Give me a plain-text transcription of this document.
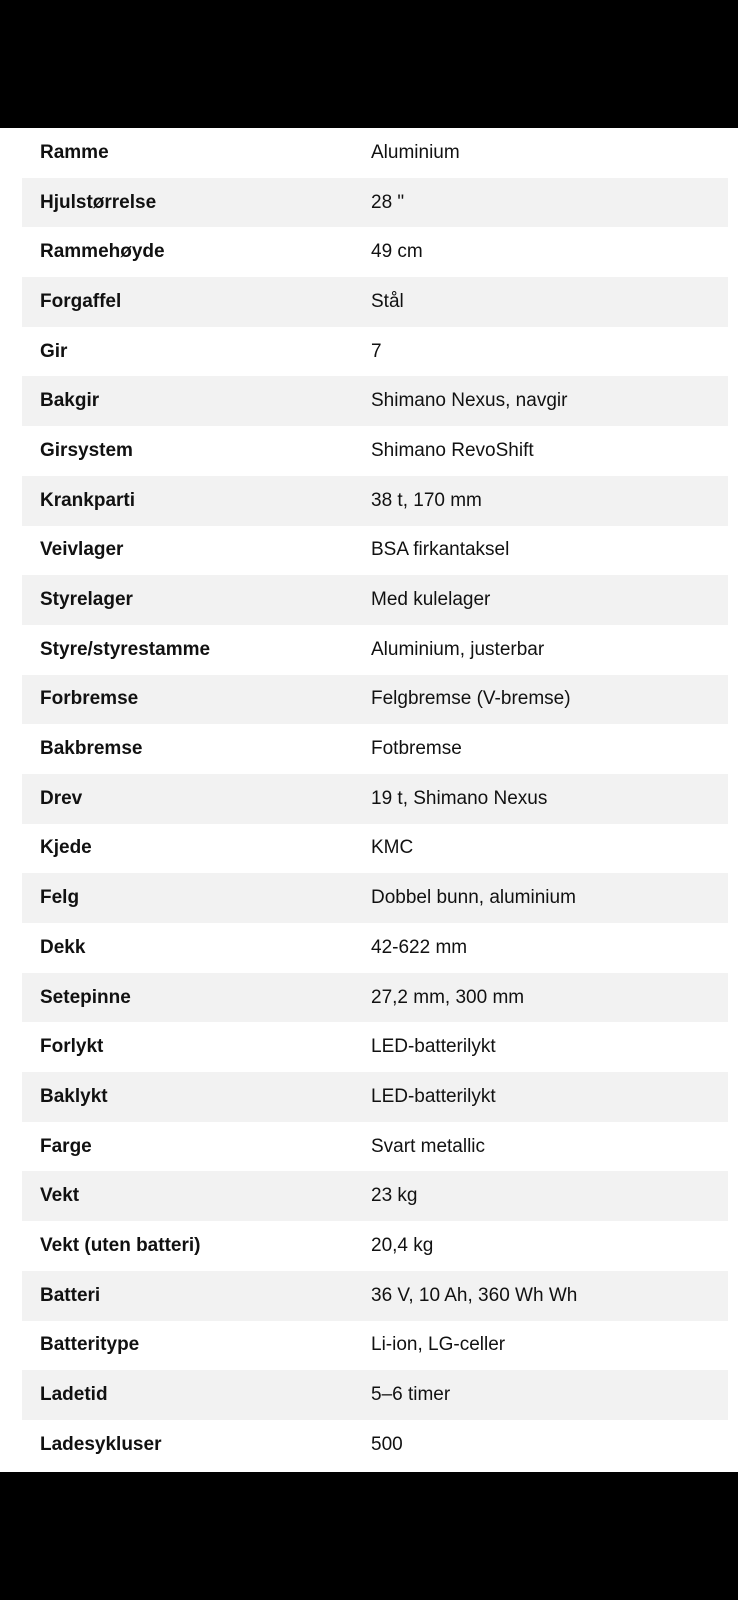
Ramme	Aluminium
Hjulstørrelse	28 "
Rammehøyde	49 cm
Forgaffel	Stål
Gir	7
Bakgir	Shimano Nexus, navgir
Girsystem	Shimano RevoShift
Krankparti	38 t, 170 mm
Veivlager	BSA firkantaksel
Styrelager	Med kulelager
Styre/styrestamme	Aluminium, justerbar
Forbremse	Felgbremse (V-bremse)
Bakbremse	Fotbremse
Drev	19 t, Shimano Nexus
Kjede	KMC
Felg	Dobbel bunn, aluminium
Dekk	42-622 mm
Setepinne	27,2 mm, 300 mm
Forlykt	LED-batterilykt
Baklykt	LED-batterilykt
Farge	Svart metallic
Vekt	23 kg
Vekt (uten batteri)	20,4 kg
Batteri	36 V, 10 Ah, 360 Wh Wh
Batteritype	Li-ion, LG-celler
Ladetid	5–6 timer
Ladesykluser	500
